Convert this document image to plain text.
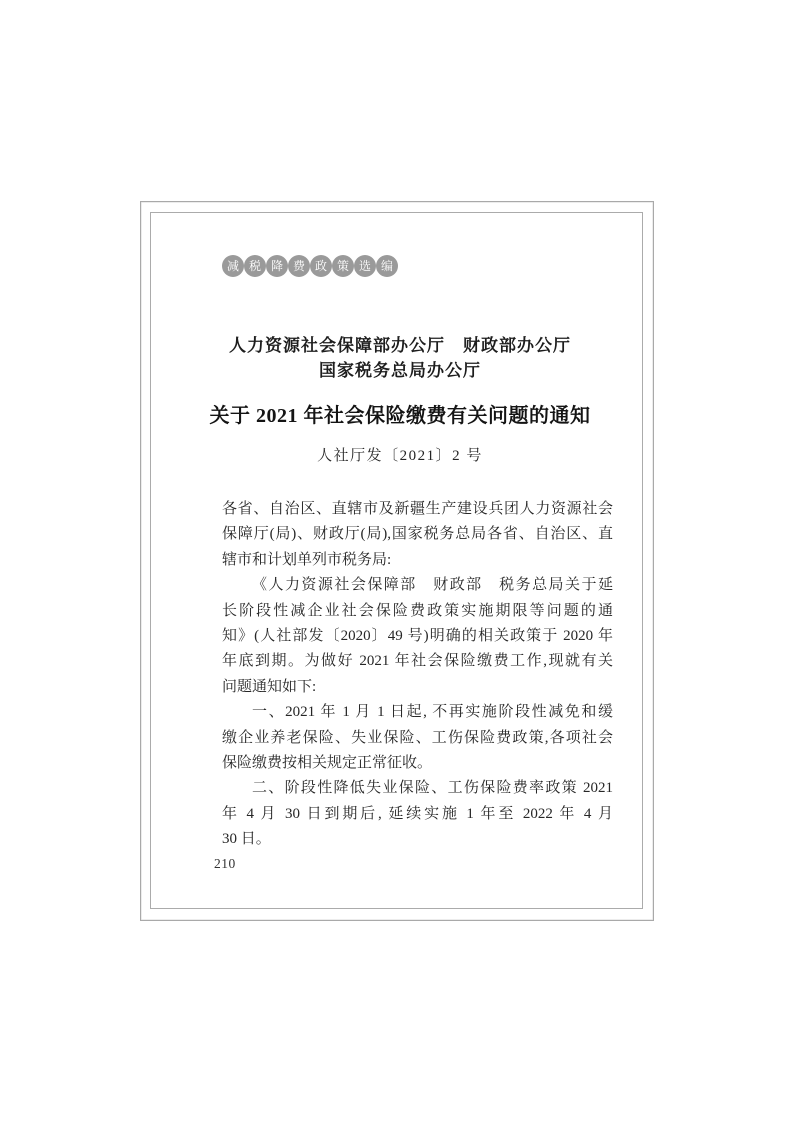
减 税 降 费 政 策 选 编
人力资源社会保障部办公厅　财政部办公厅
国家税务总局办公厅
关于 2021 年社会保险缴费有关问题的通知
人社厅发〔2021〕2 号
各省、自治区、直辖市及新疆生产建设兵团人力资源社会
保障厅(局)、财政厅(局),国家税务总局各省、自治区、直
辖市和计划单列市税务局:
《人力资源社会保障部　财政部　税务总局关于延
长阶段性减企业社会保险费政策实施期限等问题的通
知》(人社部发〔2020〕49 号)明确的相关政策于 2020 年
年底到期。为做好 2021 年社会保险缴费工作,现就有关
问题通知如下:
一、2021 年 1 月 1 日起, 不再实施阶段性减免和缓
缴企业养老保险、失业保险、工伤保险费政策,各项社会
保险缴费按相关规定正常征收。
二、阶段性降低失业保险、工伤保险费率政策 2021
年 4 月 30 日到期后, 延续实施 1 年至 2022 年 4 月
30 日。
210
